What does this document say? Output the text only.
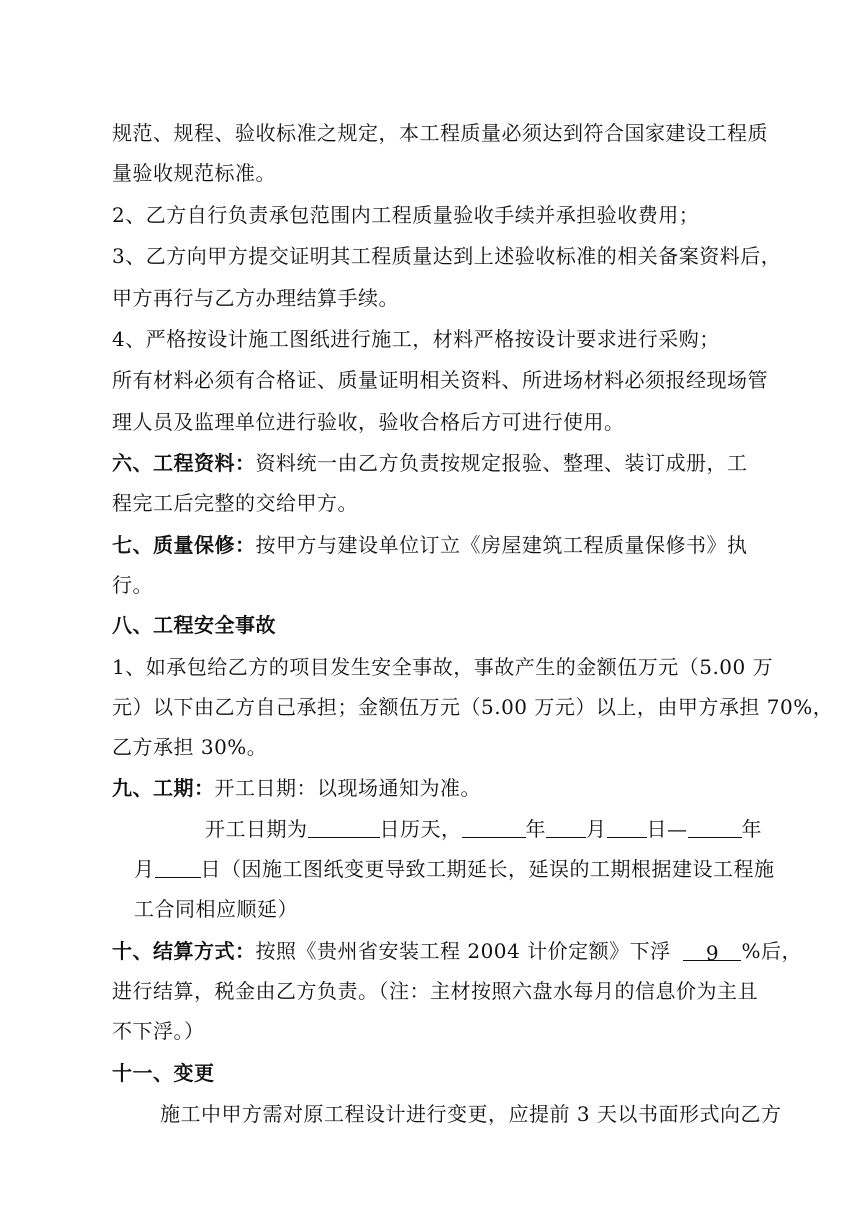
规范、规程、验收标准之规定，本工程质量必须达到符合国家建设工程质
量验收规范标准。
2、乙方自行负责承包范围内工程质量验收手续并承担验收费用；
3、乙方向甲方提交证明其工程质量达到上述验收标准的相关备案资料后，
甲方再行与乙方办理结算手续。
4、严格按设计施工图纸进行施工，材料严格按设计要求进行采购；
所有材料必须有合格证、质量证明相关资料、所进场材料必须报经现场管
理人员及监理单位进行验收，验收合格后方可进行使用。
六、工程资料：资料统一由乙方负责按规定报验、整理、装订成册，工
程完工后完整的交给甲方。
七、质量保修：按甲方与建设单位订立《房屋建筑工程质量保修书》执
行。
八、工程安全事故
1、如承包给乙方的项目发生安全事故，事故产生的金额伍万元（5.00 万
元）以下由乙方自己承担；金额伍万元（5.00 万元）以上，由甲方承担 70%，
乙方承担 30%。
九、工期：开工日期：以现场通知为准。
开工日期为	日历天，	年 月 日—	年
月 日（因施工图纸变更导致工期延长，延误的工期根据建设工程施
工合同相应顺延）
十、结算方式：按照《贵州省安装工程 2004 计价定额》下浮 9 %后，
进行结算，税金由乙方负责。（注：主材按照六盘水每月的信息价为主且
不下浮。）
十一、变更
施工中甲方需对原工程设计进行变更，应提前 3 天以书面形式向乙方
